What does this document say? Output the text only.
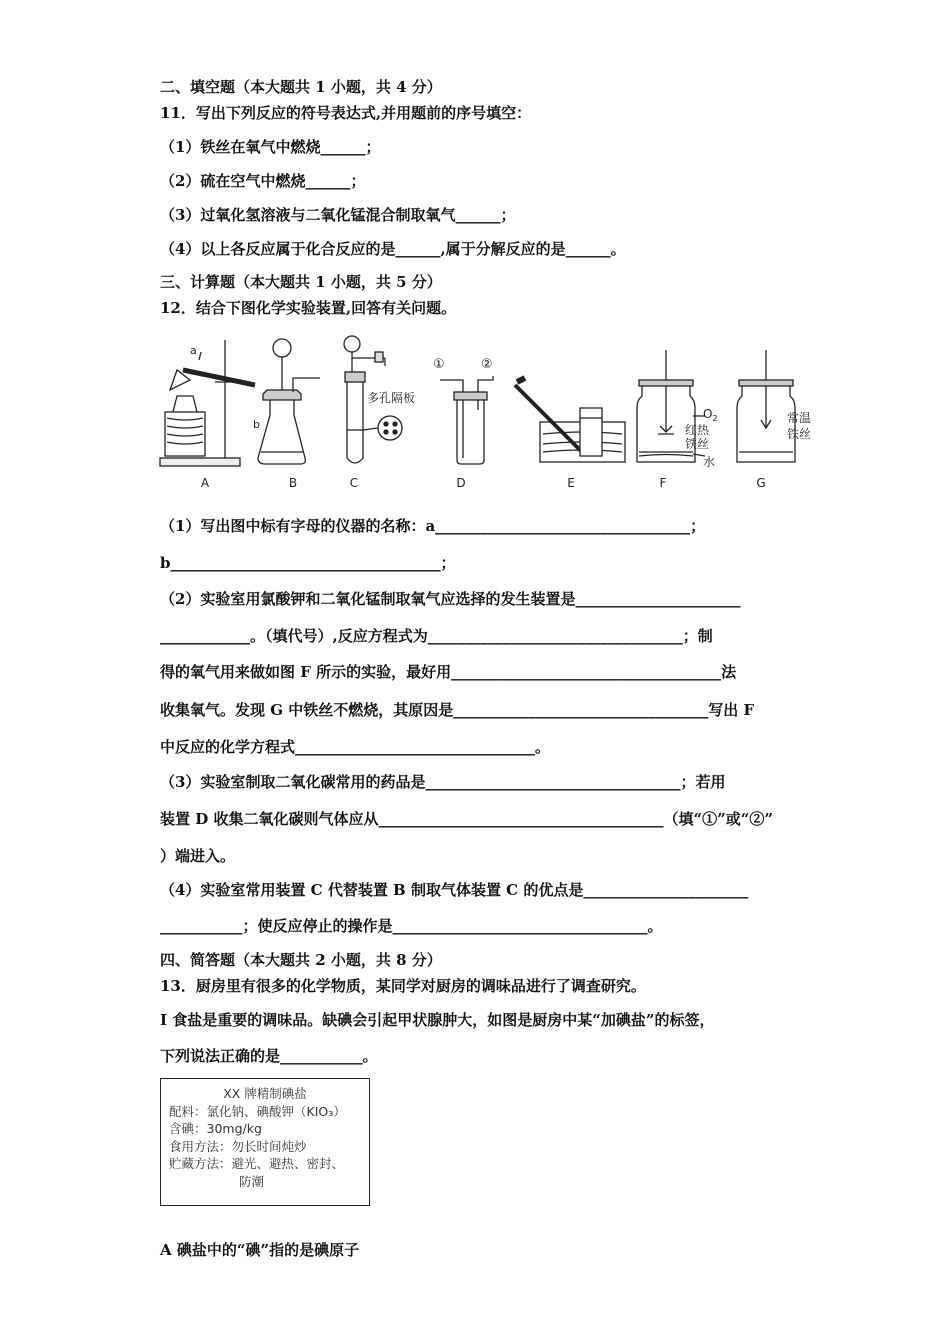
二、填空题（本大题共 1 小题，共 4 分）
11．写出下列反应的符号表达式,并用题前的序号填空：
（1）铁丝在氧气中燃烧______；
（2）硫在空气中燃烧______；
（3）过氧化氢溶液与二氧化锰混合制取氧气______；
（4）以上各反应属于化合反应的是______,属于分解反应的是______。
三、计算题（本大题共 1 小题，共 5 分）
12．结合下图化学实验装置,回答有关问题。
a
b
多孔隔板
①	②
$O_2$
红热
铁丝
水
常温
铁丝
A	B	C	D	E	F	G
（1）写出图中标有字母的仪器的名称：a__________________________________；
b____________________________________；
（2）实验室用氯酸钾和二氧化锰制取氧气应选择的发生装置是______________________
____________。（填代号）,反应方程式为__________________________________；制
得的氧气用来做如图 F 所示的实验，最好用____________________________________法
收集氧气。发现 G 中铁丝不燃烧，其原因是__________________________________写出 F
中反应的化学方程式________________________________。
（3）实验室制取二氧化碳常用的药品是__________________________________；若用
装置 D 收集二氧化碳则气体应从______________________________________（填“①”或“②”
）端进入。
（4）实验室常用装置 C 代替装置 B 制取气体装置 C 的优点是______________________
___________；使反应停止的操作是__________________________________。
四、简答题（本大题共 2 小题，共 8 分）
13．厨房里有很多的化学物质，某同学对厨房的调味品进行了调查研究。
Ⅰ 食盐是重要的调味品。缺碘会引起甲状腺肿大，如图是厨房中某“加碘盐”的标签，
下列说法正确的是___________。
XX 牌精制碘盐
配料：氯化钠、碘酸钾（KIO₃）
含碘：30mg/kg
食用方法：勿长时间炖炒
贮藏方法：避光、避热、密封、
防潮
A 碘盐中的“碘”指的是碘原子
